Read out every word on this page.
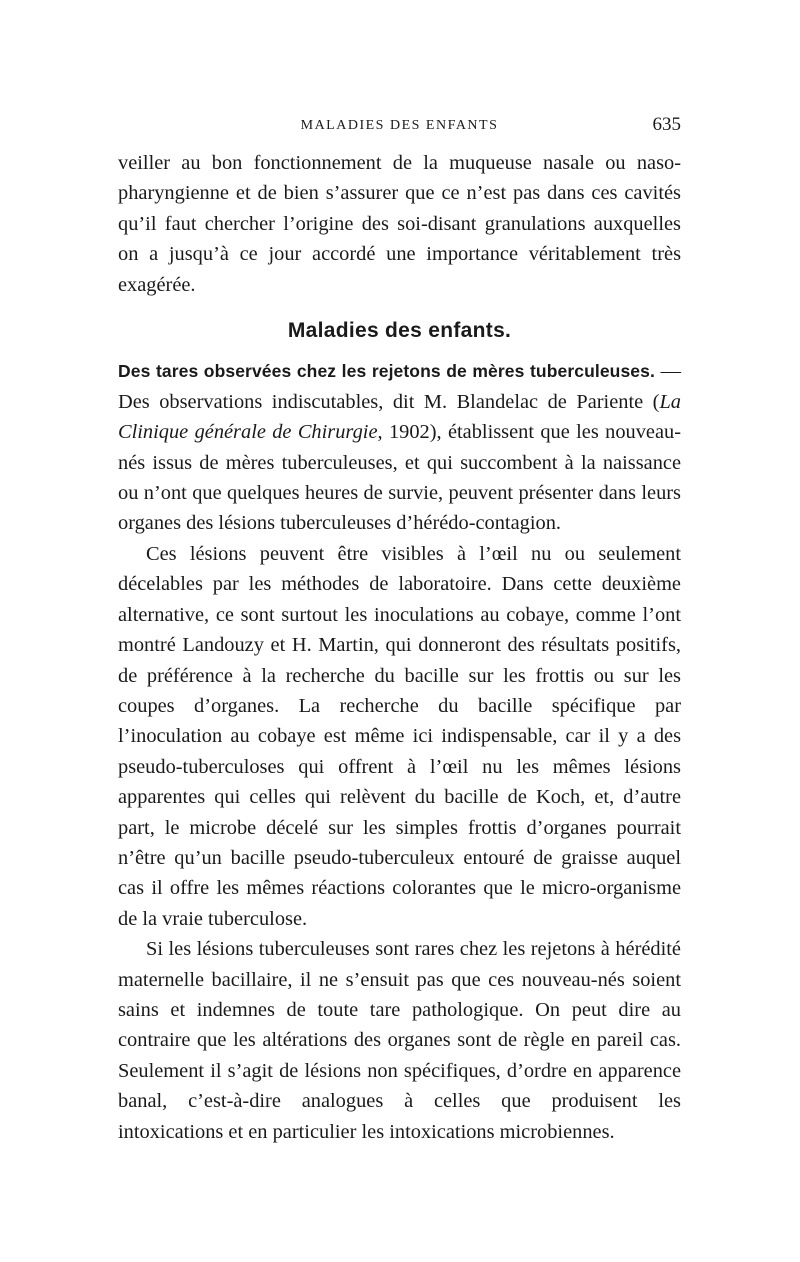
MALADIES DES ENFANTS	635

veiller au bon fonctionnement de la muqueuse nasale ou naso-pharyngienne et de bien s’assurer que ce n’est pas dans ces cavités qu’il faut chercher l’origine des soi-disant granulations auxquelles on a jusqu’à ce jour accordé une importance véritablement très exagérée.

Maladies des enfants.

Des tares observées chez les rejetons de mères tuberculeuses. — Des observations indiscutables, dit M. Blandelac de Pariente (La Clinique générale de Chirurgie, 1902), établissent que les nouveau-nés issus de mères tuberculeuses, et qui succombent à la naissance ou n’ont que quelques heures de survie, peuvent présenter dans leurs organes des lésions tuberculeuses d’hérédo-contagion.

Ces lésions peuvent être visibles à l’œil nu ou seulement décelables par les méthodes de laboratoire. Dans cette deuxième alternative, ce sont surtout les inoculations au cobaye, comme l’ont montré Landouzy et H. Martin, qui donneront des résultats positifs, de préférence à la recherche du bacille sur les frottis ou sur les coupes d’organes. La recherche du bacille spécifique par l’inoculation au cobaye est même ici indispensable, car il y a des pseudo-tuberculoses qui offrent à l’œil nu les mêmes lésions apparentes qui celles qui relèvent du bacille de Koch, et, d’autre part, le microbe décelé sur les simples frottis d’organes pourrait n’être qu’un bacille pseudo-tuberculeux entouré de graisse auquel cas il offre les mêmes réactions colorantes que le micro-organisme de la vraie tuberculose.

Si les lésions tuberculeuses sont rares chez les rejetons à hérédité maternelle bacillaire, il ne s’ensuit pas que ces nouveau-nés soient sains et indemnes de toute tare pathologique. On peut dire au contraire que les altérations des organes sont de règle en pareil cas. Seulement il s’agit de lésions non spécifiques, d’ordre en apparence banal, c’est-à-dire analogues à celles que produisent les intoxications et en particulier les intoxications microbiennes.
